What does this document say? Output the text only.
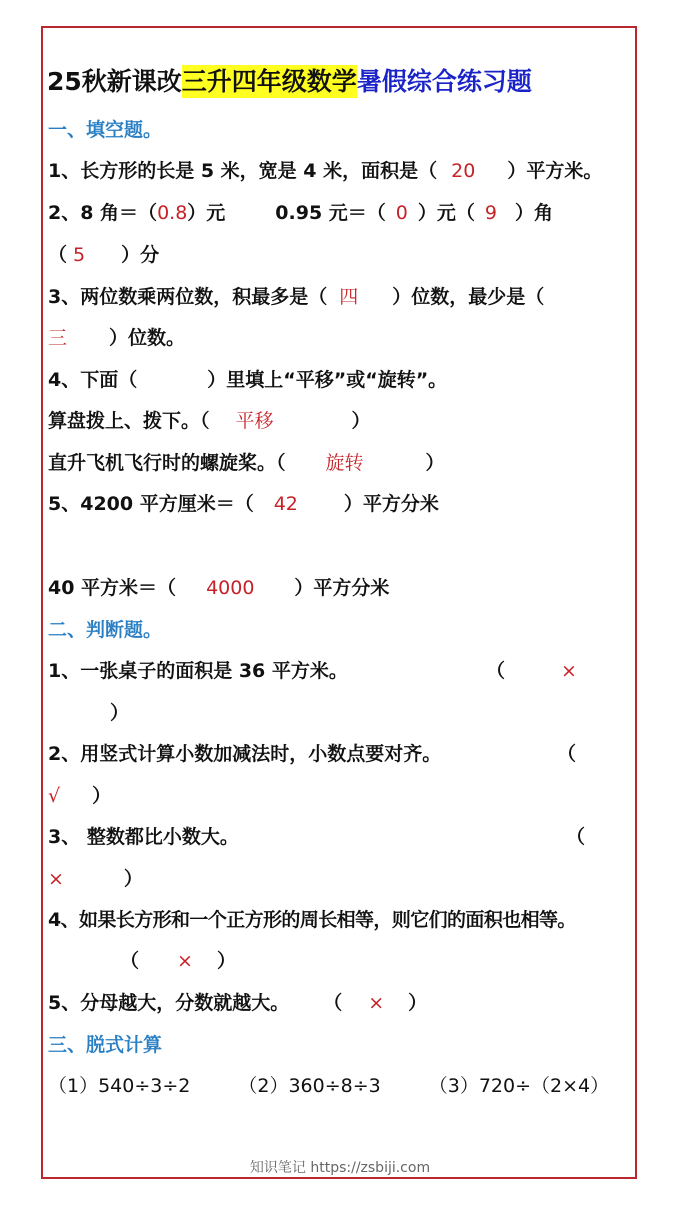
25秋新课改三升四年级数学暑假综合练习题
一、填空题。
1、长方形的长是 5 米，宽是 4 米，面积是（ 20 ）平方米。
2、8 角＝（0.8）元	0.95 元＝（ 0 ）元（ 9 ）角
（ 5 ）分
3、两位数乘两位数，积最多是（ 四 ）位数，最少是（
三 ）位数。
4、下面（	）里填上“平移”或“旋转”。
算盘拨上、拨下。（ 平移	）
直升飞机飞行时的螺旋桨。（ 旋转	）
5、4200 平方厘米＝（ 42 ）平方分米
40 平方米＝（ 4000 ）平方分米
二、判断题。
1、一张桌子的面积是 36 平方米。	（	×
）
2、用竖式计算小数加减法时，小数点要对齐。	（
√ ）
3、 整数都比小数大。	（
×	）
4、如果长方形和一个正方形的周长相等，则它们的面积也相等。
（ × ）
5、分母越大，分数就越大。 （ × ）
三、脱式计算
（1）540÷3÷2	（2）360÷8÷3	（3）720÷（2×4）
知识笔记 https://zsbiji.com
